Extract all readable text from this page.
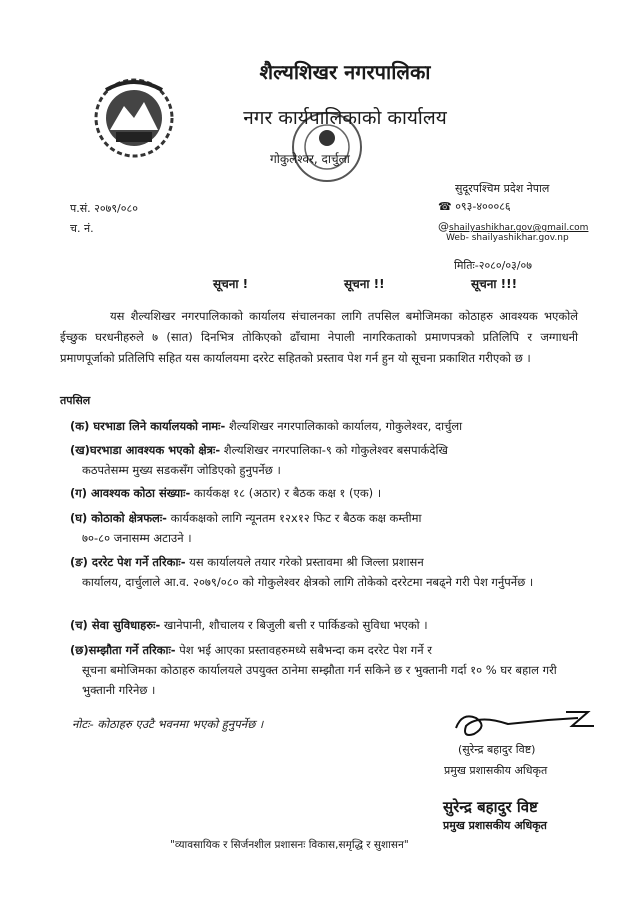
शैल्यशिखर नगरपालिका
नगर कार्यपालिकाको कार्यालय
गोकुलेश्वर, दार्चुला
सुदूरपश्चिम प्रदेश नेपाल
☎ ०९३-४०००८६
@shailyashikhar.gov@gmail.com
Web- shailyashikhar.gov.np
प.सं. २०७९/०८०
च. नं.
मितिः-२०८०/०३/०७
सूचना !	सूचना !!	सूचना !!!
यस शैल्यशिखर नगरपालिकाको कार्यालय संचालनका लागि तपसिल बमोजिमका कोठाहरु आवश्यक भएकोले ईच्छुक घरधनीहरुले ७ (सात) दिनभित्र तोकिएको ढाँचामा नेपाली नागरिकताको प्रमाणपत्रको प्रतिलिपि र जग्गाधनी प्रमाणपूर्जाको प्रतिलिपि सहित यस कार्यालयमा दररेट सहितको प्रस्ताव पेश गर्न हुन यो सूचना प्रकाशित गरीएको छ ।
तपसिल
(क) घरभाडा लिने कार्यालयको नामः- शैल्यशिखर नगरपालिकाको कार्यालय, गोकुलेश्वर, दार्चुला
(ख)घरभाडा आवश्यक भएको क्षेत्रः- शैल्यशिखर नगरपालिका-९ को गोकुलेश्वर बसपार्कदेखि
कठपतेसम्म मुख्य सडकसँग जोडिएको हुनुपर्नेछ ।
(ग) आवश्यक कोठा संख्याः- कार्यकक्ष १८ (अठार) र बैठक कक्ष १ (एक) ।
(घ) कोठाको क्षेत्रफलः- कार्यकक्षको लागि न्यूनतम १२x१२ फिट र बैठक कक्ष कम्तीमा
७०-८० जनासम्म अटाउने ।
(ङ) दररेट पेश गर्ने तरिकाः- यस कार्यालयले तयार गरेको प्रस्तावमा श्री जिल्ला प्रशासन
कार्यालय, दार्चुलाले आ.व. २०७९/०८० को गोकुलेश्वर क्षेत्रको लागि तोकेको दररेटमा नबढ्ने गरी पेश गर्नुपर्नेछ ।
(च) सेवा सुविधाहरुः- खानेपानी, शौचालय र बिजुली बत्ती र पार्किङको सुविधा भएको ।
(छ)सम्झौता गर्ने तरिकाः- पेश भई आएका प्रस्तावहरुमध्ये सबैभन्दा कम दररेट पेश गर्ने र
सूचना बमोजिमका कोठाहरु कार्यालयले उपयुक्त ठानेमा सम्झौता गर्न सकिने छ र भुक्तानी गर्दा १० % घर बहाल गरी भुक्तानी गरिनेछ ।
नोटः- कोठाहरु एउटै भवनमा भएको हुनुपर्नेछ ।
(सुरेन्द्र बहादुर विष्ट)
प्रमुख प्रशासकीय अधिकृत
सुरेन्द्र बहादुर विष्ट
प्रमुख प्रशासकीय अधिकृत
"व्यावसायिक र सिर्जनशील प्रशासनः विकास,समृद्धि र सुशासन"
